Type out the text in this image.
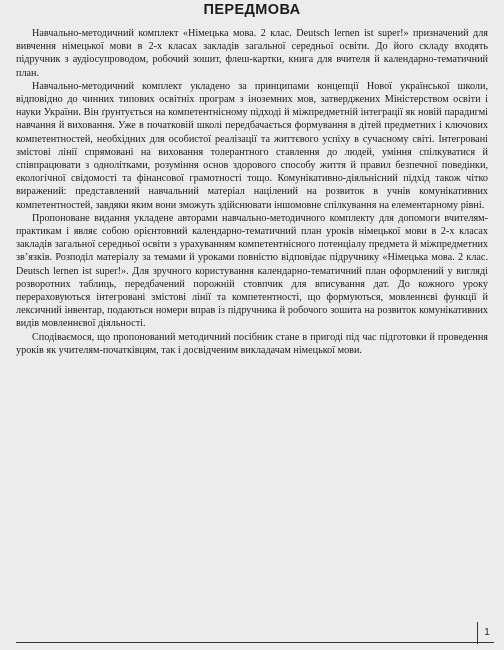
ПЕРЕДМОВА

Навчально-методичний комплект «Німецька мова. 2 клас. Deutsch lernen ist super!» призначений для вивчення німецької мови в 2-х класах закладів загальної середньої освіти. До його складу входять підручник з аудіосупроводом, робочий зошит, флеш-картки, книга для вчителя й календарно-тематичний план.

Навчально-методичний комплект укладено за принципами концепції Нової української школи, відповідно до чинних типових освітніх програм з іноземних мов, затверджених Міністерством освіти і науки України. Він ґрунтується на компетентнісному підході й міжпредметній інтеграції як новій парадигмі навчання й виховання. Уже в початковій школі передбачається формування в дітей предметних і ключових компетентностей, необхідних для особистої реалізації та життєвого успіху в сучасному світі. Інтегровані змістові лінії спрямовані на виховання толерантного ставлення до людей, уміння спілкуватися й співпрацювати з однолітками, розуміння основ здорового способу життя й правил безпечної поведінки, екологічної свідомості та фінансової грамотності тощо. Комунікативно-діяльнісний підхід також чітко виражений: представлений навчальний матеріал націлений на розвиток в учнів комунікативних компетентностей, завдяки яким вони зможуть здійснювати іншомовне спілкування на елементарному рівні.

Пропоноване видання укладене авторами навчально-методичного комплекту для допомоги вчителям-практикам і являє собою орієнтовний календарно-тематичний план уроків німецької мови в 2-х класах закладів загальної середньої освіти з урахуванням компетентнісного потенціалу предмета й міжпредметних зв’язків. Розподіл матеріалу за темами й уроками повністю відповідає підручнику «Німецька мова. 2 клас. Deutsch lernen ist super!». Для зручного користування календарно-тематичний план оформлений у вигляді розворотних таблиць, передбачений порожній стовпчик для вписування дат. До кожного уроку перераховуються інтегровані змістові лінії та компетентності, що формуються, мовленнєві функції й лексичний інвентар, подаються номери вправ із підручника й робочого зошита на розвиток комунікативних видів мовленнєвої діяльності.

Сподіваємося, що пропонований методичний посібник стане в пригоді під час підготовки й проведення уроків як учителям-початківцям, так і досвідченим викладачам німецької мови.

1
